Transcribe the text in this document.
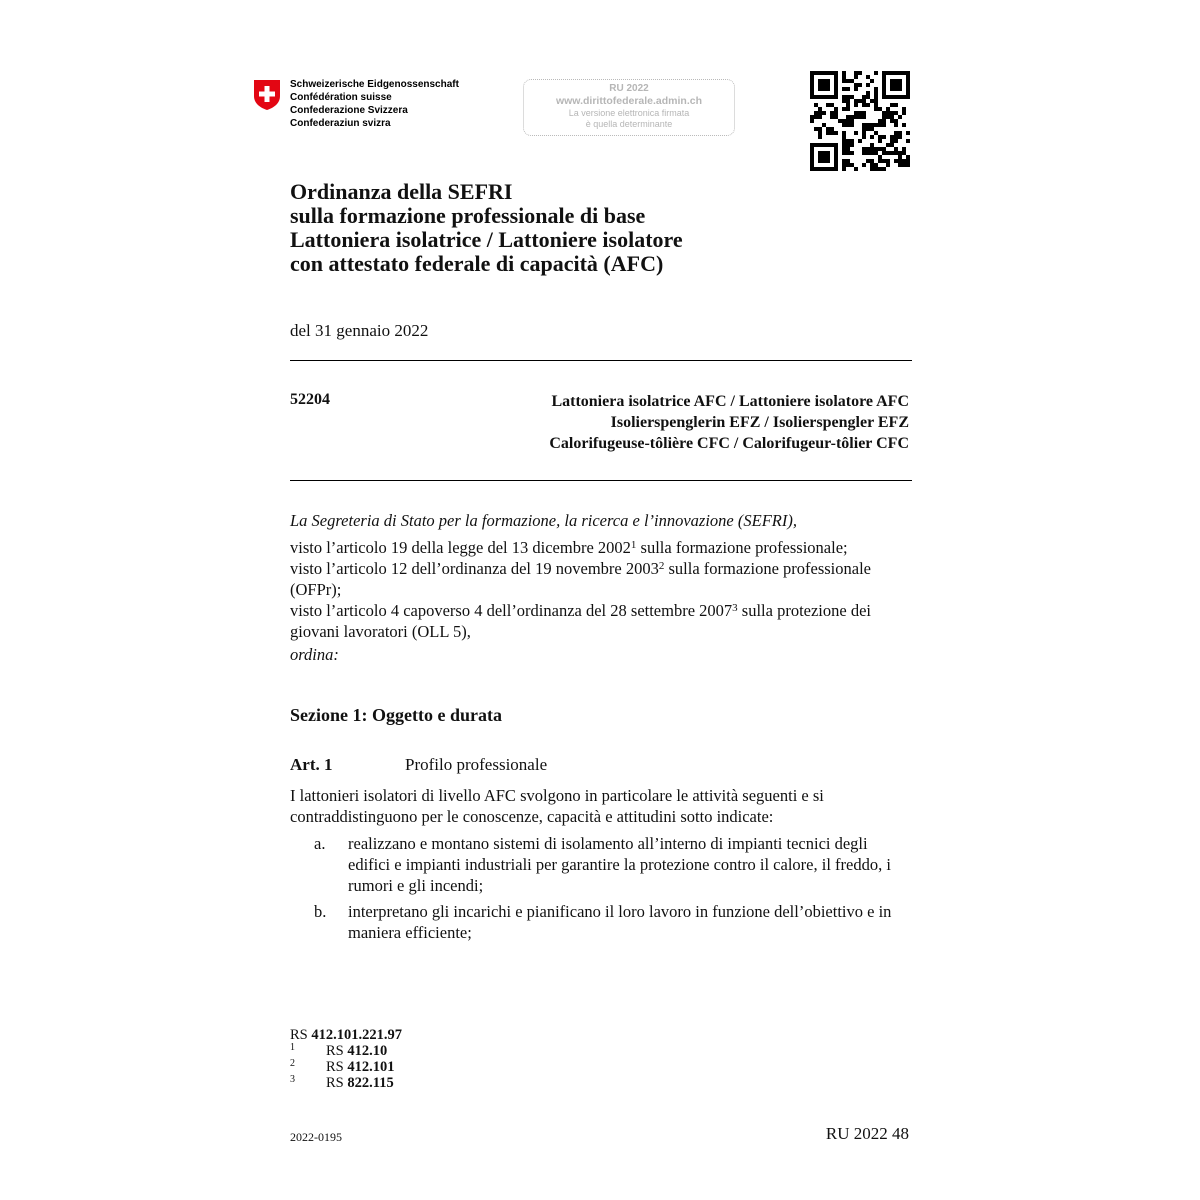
Schweizerische Eidgenossenschaft
Confédération suisse
Confederazione Svizzera
Confederaziun svizra
RU 2022
www.dirittofederale.admin.ch
La versione elettronica firmata
è quella determinante
Ordinanza della SEFRI
sulla formazione professionale di base
Lattoniera isolatrice / Lattoniere isolatore
con attestato federale di capacità (AFC)
del 31 gennaio 2022
52204	Lattoniera isolatrice AFC / Lattoniere isolatore AFC
Isolierspenglerin EFZ / Isolierspengler EFZ
Calorifugeuse-tôlière CFC / Calorifugeur-tôlier CFC
La Segreteria di Stato per la formazione, la ricerca e l’innovazione (SEFRI),
visto l’articolo 19 della legge del 13 dicembre 2002$^1$ sulla formazione professionale;
visto l’articolo 12 dell’ordinanza del 19 novembre 2003$^2$ sulla formazione professionale (OFPr);
visto l’articolo 4 capoverso 4 dell’ordinanza del 28 settembre 2007$^3$ sulla protezione dei giovani lavoratori (OLL 5),
ordina:
Sezione 1: Oggetto e durata
Art. 1	Profilo professionale
I lattonieri isolatori di livello AFC svolgono in particolare le attività seguenti e si contraddistinguono per le conoscenze, capacità e attitudini sotto indicate:
a. realizzano e montano sistemi di isolamento all’interno di impianti tecnici degli edifici e impianti industriali per garantire la protezione contro il calore, il freddo, i rumori e gli incendi;
b. interpretano gli incarichi e pianificano il loro lavoro in funzione dell’obiettivo e in maniera efficiente;
RS 412.101.221.97
1 RS 412.10
2 RS 412.101
3 RS 822.115
2022-0195	RU 2022 48
